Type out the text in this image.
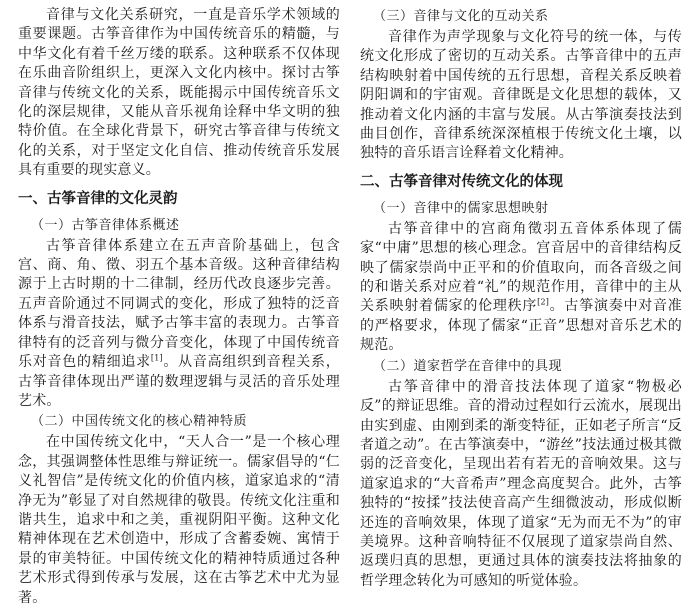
音律与文化关系研究，一直是音乐学术领域的重要课题。古筝音律作为中国传统音乐的精髓，与中华文化有着千丝万缕的联系。这种联系不仅体现在乐曲音阶组织上，更深入文化内核中。探讨古筝音律与传统文化的关系，既能揭示中国传统音乐文化的深层规律，又能从音乐视角诠释中华文明的独特价值。在全球化背景下，研究古筝音律与传统文化的关系，对于坚定文化自信、推动传统音乐发展具有重要的现实意义。

一、古筝音律的文化灵韵
（一）古筝音律体系概述

古筝音律体系建立在五声音阶基础上，包含宫、商、角、徵、羽五个基本音级。这种音律结构源于上古时期的十二律制，经历代改良逐步完善。五声音阶通过不同调式的变化，形成了独特的泛音体系与滑音技法，赋予古筝丰富的表现力。古筝音律特有的泛音列与微分音变化，体现了中国传统音乐对音色的精细追求[1]。从音高组织到音程关系，古筝音律体现出严谨的数理逻辑与灵活的音乐处理艺术。

（二）中国传统文化的核心精神特质

在中国传统文化中，“天人合一”是一个核心理念，其强调整体性思维与辩证统一。儒家倡导的“仁义礼智信”是传统文化的价值内核，道家追求的“清净无为”彰显了对自然规律的敬畏。传统文化注重和谐共生，追求中和之美，重视阴阳平衡。这种文化精神体现在艺术创造中，形成了含蓄委婉、寓情于景的审美特征。中国传统文化的精神特质通过各种艺术形式得到传承与发展，这在古筝艺术中尤为显著。

（三）音律与文化的互动关系

音律作为声学现象与文化符号的统一体，与传统文化形成了密切的互动关系。古筝音律中的五声结构映射着中国传统的五行思想，音程关系反映着阴阳调和的宇宙观。音律既是文化思想的载体，又推动着文化内涵的丰富与发展。从古筝演奏技法到曲目创作，音律系统深深植根于传统文化土壤，以独特的音乐语言诠释着文化精神。

二、古筝音律对传统文化的体现
（一）音律中的儒家思想映射

古筝音律中的宫商角徵羽五音体系体现了儒家“中庸”思想的核心理念。宫音居中的音律结构反映了儒家崇尚中正平和的价值取向，而各音级之间的和谐关系对应着“礼”的规范作用，音律中的主从关系映射着儒家的伦理秩序[2]。古筝演奏中对音准的严格要求，体现了儒家“正音”思想对音乐艺术的规范。

（二）道家哲学在音律中的具现

古筝音律中的滑音技法体现了道家“物极必反”的辩证思维。音的滑动过程如行云流水，展现出由实到虚、由刚到柔的渐变特征，正如老子所言“反者道之动”。在古筝演奏中，“游丝”技法通过极其微弱的泛音变化，呈现出若有若无的音响效果。这与道家追求的“大音希声”理念高度契合。此外，古筝独特的“按揉”技法使音高产生细微波动，形成似断还连的音响效果，体现了道家“无为而无不为”的审美境界。这种音响特征不仅展现了道家崇尚自然、返璞归真的思想，更通过具体的演奏技法将抽象的哲学理念转化为可感知的听觉体验。
